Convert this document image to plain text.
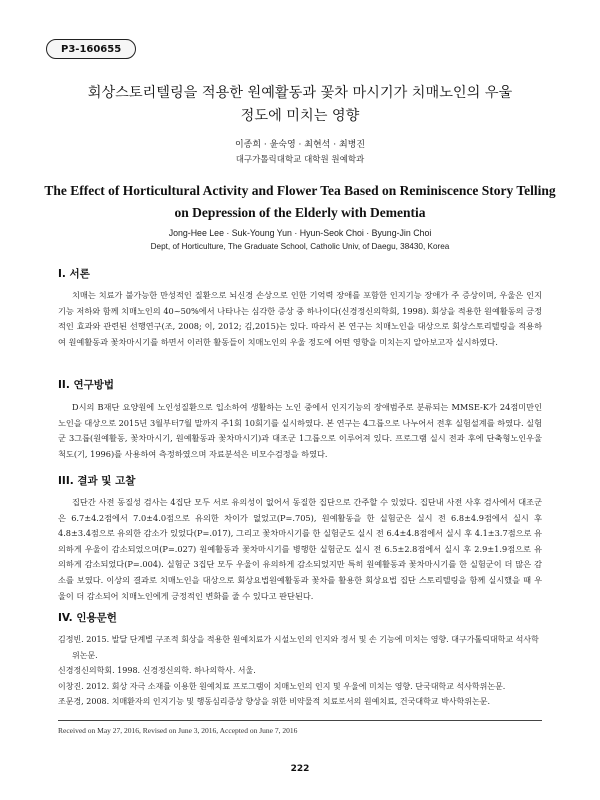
P3-160655
회상스토리텔링을 적용한 원예활동과 꽃차 마시기가 치매노인의 우울
정도에 미치는 영향
이종희 · 윤숙영 · 최현석 · 최병진
대구가톨릭대학교 대학원 원예학과
The Effect of Horticultural Activity and Flower Tea Based on Reminiscence Story Telling
on Depression of the Elderly with Dementia
Jong-Hee Lee · Suk-Young Yun · Hyun-Seok Choi · Byung-Jin Choi
Dept, of Horticulture, The Graduate School, Catholic Univ, of Daegu, 38430, Korea
I. 서론

치매는 치료가 불가능한 만성적인 질환으로 뇌신경 손상으로 인한 기억력 장애를 포함한 인지기능 장애가 주 증상이며, 우울은 인지기능 저하와 함께 치매노인의 40~50%에서 나타나는 심각한 증상 중 하나이다(신경정신의학회, 1998). 회상을 적용한 원예활동의 긍정적인 효과와 관련된 선행연구(조, 2008; 이, 2012; 김,2015)는 있다. 따라서 본 연구는 치매노인을 대상으로 회상스토리텔링을 적용하여 원예활동과 꽃차마시기를 하면서 이러한 활동들이 치매노인의 우울 정도에 어떤 영향을 미치는지 알아보고자 실시하였다.

II. 연구방법

D시의 B재단 요양원에 노인성질환으로 입소하여 생활하는 노인 중에서 인지기능의 장애범주로 분류되는 MMSE-K가 24점미만인 노인을 대상으로 2015년 3월부터7월 말까지 주1회 10회기를 실시하였다. 본 연구는 4그룹으로 나누어서 전후 실험설계를 하였다. 실험군 3그룹(원예활동, 꽃차마시기, 원예활동과 꽃차마시기)과 대조군 1그룹으로 이루어져 있다. 프로그램 실시 전과 후에 단축형노인우울척도(기, 1996)를 사용하여 측정하였으며 자료분석은 비모수검정을 하였다.

III. 결과 및 고찰

집단간 사전 동질성 검사는 4집단 모두 서로 유의성이 없어서 동질한 집단으로 간주할 수 있었다. 집단내 사전 사후 검사에서 대조군은 6.7±4.2점에서 7.0±4.0점으로 유의한 차이가 없었고(P=.705), 원예활동을 한 실험군은 실시 전 6.8±4.9점에서 실시 후 4.8±3.4점으로 유의한 감소가 있었다(P=.017), 그리고 꽃차마시기를 한 실험군도 실시 전 6.4±4.8점에서 실시 후 4.1±3.7점으로 유의하게 우울이 감소되었으며(P=.027) 원예활동과 꽃차마시기를 병행한 실험군도 실시 전 6.5±2.8점에서 실시 후 2.9±1.9점으로 유의하게 감소되었다(P=.004). 실험군 3집단 모두 우울이 유의하게 감소되었지만 특히 원예활동과 꽃차마시기를 한 실험군이 더 많은 감소를 보였다. 이상의 결과로 치매노인을 대상으로 회상요법원예활동과 꽃차를 활용한 회상요법 집단 스토리텔링을 함께 실시했을 때 우울이 더 감소되어 치매노인에게 긍정적인 변화를 줄 수 있다고 판단된다.

IV. 인용문헌

김정빈. 2015. 발달 단계별 구조적 회상을 적용한 원예치료가 시설노인의 인지와 정서 및 손 기능에 미치는 영향. 대구가톨릭대학교 석사학위논문.

신경정신의학회. 1998. 신경정신의학. 하나의학사. 서울.

이창진. 2012. 회상 자극 소재를 이용한 원예치료 프로그램이 치매노인의 인지 및 우울에 미치는 영향. 단국대학교 석사학위논문.

조문경, 2008. 치매환자의 인지기능 및 행동심리증상 향상을 위한 비약물적 치료로서의 원예치료, 건국대학교 박사학위논문.

Received on May 27, 2016, Revised on June 3, 2016, Accepted on June 7, 2016
222
